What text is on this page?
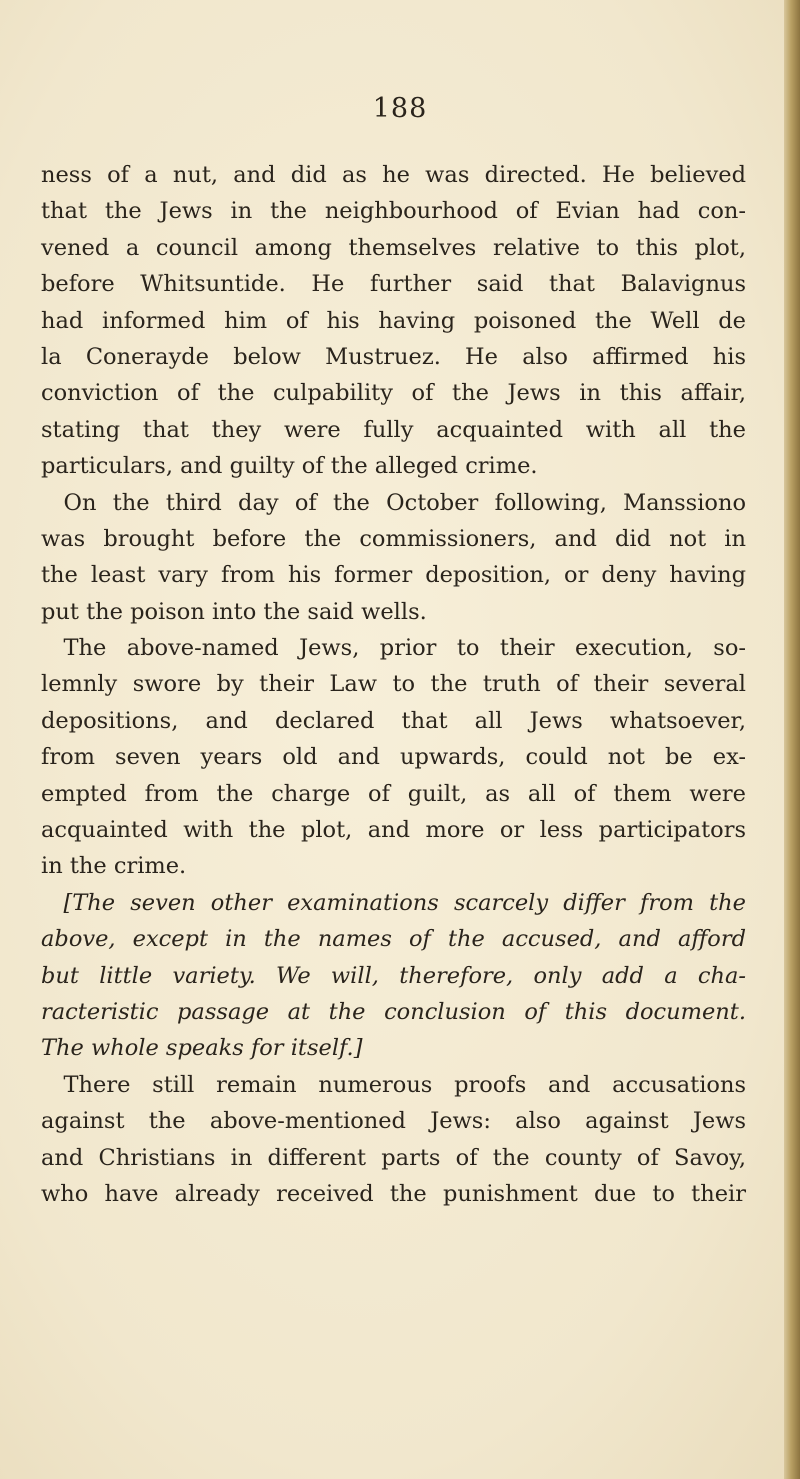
188

ness of a nut, and did as he was directed. He believed
that the Jews in the neighbourhood of Evian had con-
vened a council among themselves relative to this plot,
before Whitsuntide. He further said that Balavignus
had informed him of his having poisoned the Well de
la Conerayde below Mustruez. He also affirmed his
conviction of the culpability of the Jews in this affair,
stating that they were fully acquainted with all the
particulars, and guilty of the alleged crime.
 On the third day of the October following, Manssiono
was brought before the commissioners, and did not in
the least vary from his former deposition, or deny having
put the poison into the said wells.
 The above-named Jews, prior to their execution, so-
lemnly swore by their Law to the truth of their several
depositions, and declared that all Jews whatsoever,
from seven years old and upwards, could not be ex-
empted from the charge of guilt, as all of them were
acquainted with the plot, and more or less participators
in the crime.
 [The seven other examinations scarcely differ from the
above, except in the names of the accused, and afford
but little variety. We will, therefore, only add a cha-
racteristic passage at the conclusion of this document.
The whole speaks for itself.]
 There still remain numerous proofs and accusations
against the above-mentioned Jews: also against Jews
and Christians in different parts of the county of Savoy,
who have already received the punishment due to their
